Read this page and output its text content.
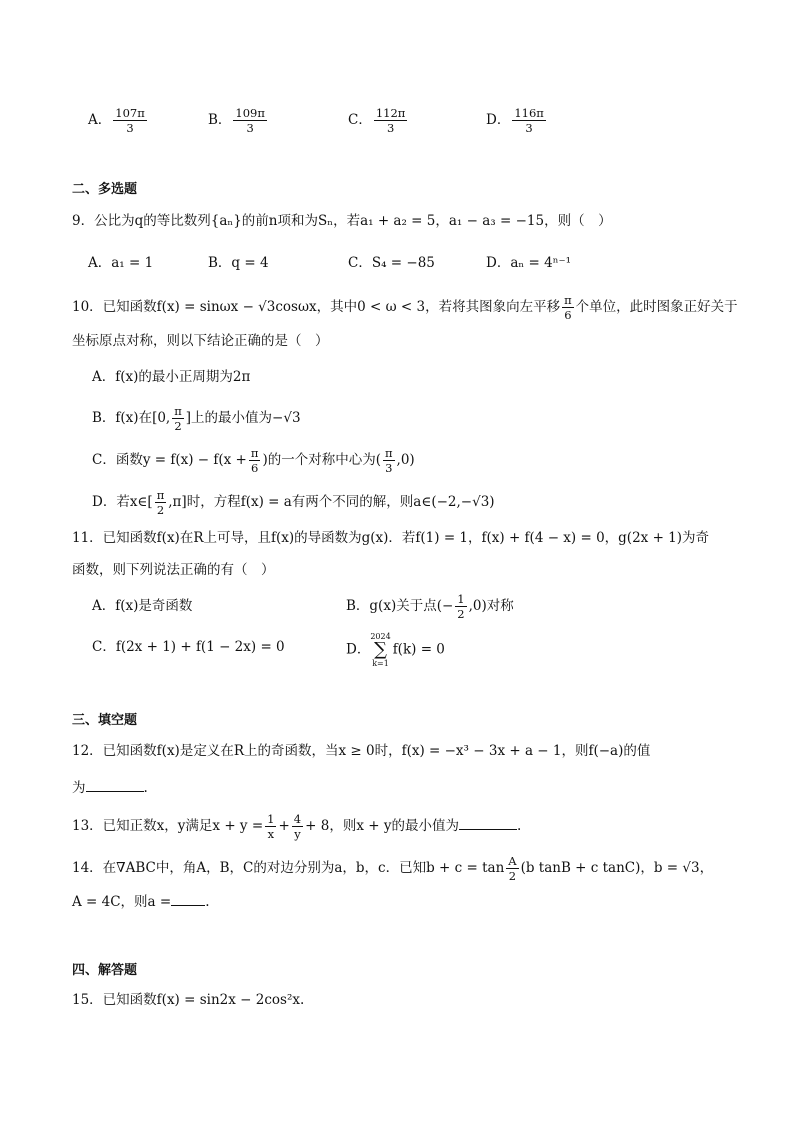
A． $\frac{107\pi}{3}$	B． $\frac{109\pi}{3}$	C． $\frac{112\pi}{3}$	D． $\frac{116\pi}{3}$
二、多选题
9．公比为q的等比数列{aₙ}的前n项和为Sₙ，若a₁ + a₂ = 5，a₁ − a₃ = −15，则（　）
A．a₁ = 1	B．q = 4	C．S₄ = −85	D．aₙ = 4ⁿ⁻¹
10．已知函数f(x) = sinωx − √3cosωx，其中0 < ω < 3，若将其图象向左平移 $\frac{\pi}{6}$ 个单位，此时图象正好关于
坐标原点对称，则以下结论正确的是（　）
A．f(x)的最小正周期为2π
B．f(x)在[0, $\frac{\pi}{2}$ ]上的最小值为−√3
C．函数$y = f(x) - f(x + \frac{\pi}{6}$ )的一个对称中心为( $\frac{\pi}{3} ,0$)
D．若x∈[ $\frac{\pi}{2} ,\pi$]时，方程f(x) = a有两个不同的解，则a∈(−2,−√3)
11．已知函数f(x)在R上可导，且f(x)的导函数为g(x)．若f(1) = 1，f(x) + f(4 − x) = 0，g(2x + 1)为奇
函数，则下列说法正确的有（　）
A．f(x)是奇函数	B．g(x)关于点(− $\frac{1}{2} ,0$)对称
C．f(2x + 1) + f(1 − 2x) = 0	D．
2024
∑
k=1
f(k) = 0
三、填空题
12．已知函数f(x)是定义在R上的奇函数，当x ≥ 0时，f(x) = −x³ − 3x + a − 1，则f(−a)的值
为	.
13．已知正数x，y满足$x + y = \frac{1}{x} + \frac{4}{y} + 8$，则x + y的最小值为	.
14．在∇ABC中，角A，B，C的对边分别为a，b，c．已知$b + c = \tan \frac{A}{2} (b$ tanB + c tanC)，b = √3，
A = 4C，则a =	.
四、解答题
15．已知函数f(x) = sin2x − 2cos²x.
